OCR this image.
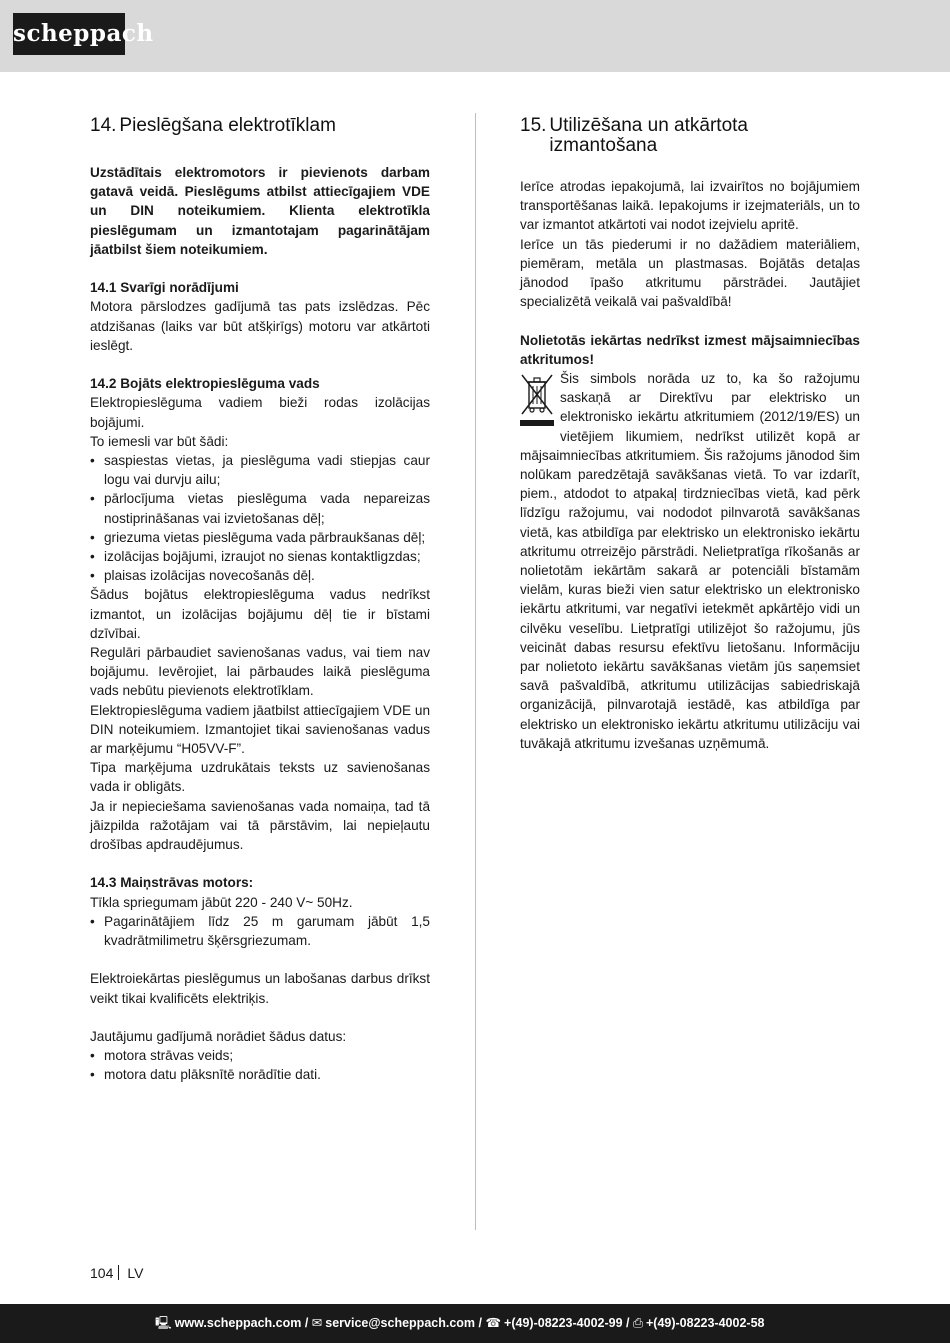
scheppach
14. Pieslēgšana elektrotīklam

Uzstādītais elektromotors ir pievienots darbam gatavā veidā. Pieslēgums atbilst attiecīgajiem VDE un DIN noteikumiem. Klienta elektrotīkla pieslēgumam un izmantotajam pagarinātājam jāatbilst šiem noteikumiem.

14.1 Svarīgi norādījumi

Motora pārslodzes gadījumā tas pats izslēdzas. Pēc atdzišanas (laiks var būt atšķirīgs) motoru var atkārtoti ieslēgt.

14.2 Bojāts elektropieslēguma vads

Elektropieslēguma vadiem bieži rodas izolācijas bojājumi.

To iemesli var būt šādi:

• saspiestas vietas, ja pieslēguma vadi stiepjas caur logu vai durvju ailu;
• pārlocījuma vietas pieslēguma vada nepareizas nostiprināšanas vai izvietošanas dēļ;
• griezuma vietas pieslēguma vada pārbraukšanas dēļ;
• izolācijas bojājumi, izraujot no sienas kontaktligzdas;
• plaisas izolācijas novecošanās dēļ.

Šādus bojātus elektropieslēguma vadus nedrīkst izmantot, un izolācijas bojājumu dēļ tie ir bīstami dzīvībai.

Regulāri pārbaudiet savienošanas vadus, vai tiem nav bojājumu. Ievērojiet, lai pārbaudes laikā pieslēguma vads nebūtu pievienots elektrotīklam.

Elektropieslēguma vadiem jāatbilst attiecīgajiem VDE un DIN noteikumiem. Izmantojiet tikai savienošanas vadus ar marķējumu “H05VV-F”.

Tipa marķējuma uzdrukātais teksts uz savienošanas vada ir obligāts.

Ja ir nepieciešama savienošanas vada nomaiņa, tad tā jāizpilda ražotājam vai tā pārstāvim, lai nepieļautu drošības apdraudējumus.

14.3 Maiņstrāvas motors:

Tīkla spriegumam jābūt 220 - 240 V~ 50Hz.

• Pagarinātājiem līdz 25 m garumam jābūt 1,5 kvadrātmilimetru šķērsgriezumam.

Elektroiekārtas pieslēgumus un labošanas darbus drīkst veikt tikai kvalificēts elektriķis.

Jautājumu gadījumā norādiet šādus datus:

• motora strāvas veids;
• motora datu plāksnītē norādītie dati.
15. Utilizēšana un atkārtota izmantošana

Ierīce atrodas iepakojumā, lai izvairītos no bojājumiem transportēšanas laikā. Iepakojums ir izejmateriāls, un to var izmantot atkārtoti vai nodot izejvielu apritē.

Ierīce un tās piederumi ir no dažādiem materiāliem, piemēram, metāla un plastmasas. Bojātās detaļas jānodod īpašo atkritumu pārstrādei. Jautājiet specializētā veikalā vai pašvaldībā!

Nolietotās iekārtas nedrīkst izmest mājsaimniecības atkritumos!

Šis simbols norāda uz to, ka šo ražojumu saskaņā ar Direktīvu par elektrisko un elektronisko iekārtu atkritumiem (2012/19/ES) un vietējiem likumiem, nedrīkst utilizēt kopā ar mājsaimniecības atkritumiem. Šis ražojums jānodod šim nolūkam paredzētajā savākšanas vietā. To var izdarīt, piem., atdodot to atpakaļ tirdzniecības vietā, kad pērk līdzīgu ražojumu, vai nododot pilnvarotā savākšanas vietā, kas atbildīga par elektrisko un elektronisko iekārtu atkritumu otrreizējo pārstrādi. Nelietpratīga rīkošanās ar nolietotām iekārtām sakarā ar potenciāli bīstamām vielām, kuras bieži vien satur elektrisko un elektronisko iekārtu atkritumi, var negatīvi ietekmēt apkārtējo vidi un cilvēku veselību. Lietpratīgi utilizējot šo ražojumu, jūs veicināt dabas resursu efektīvu lietošanu. Informāciju par nolietoto iekārtu savākšanas vietām jūs saņemsiet savā pašvaldībā, atkritumu utilizācijas sabiedriskajā organizācijā, pilnvarotajā iestādē, kas atbildīga par elektrisko un elektronisko iekārtu atkritumu utilizāciju vai tuvākajā atkritumu izvešanas uzņēmumā.

104 LV
🖳 www.scheppach.com / ✉ service@scheppach.com / ☎ +(49)-08223-4002-99 / ⎙ +(49)-08223-4002-58
